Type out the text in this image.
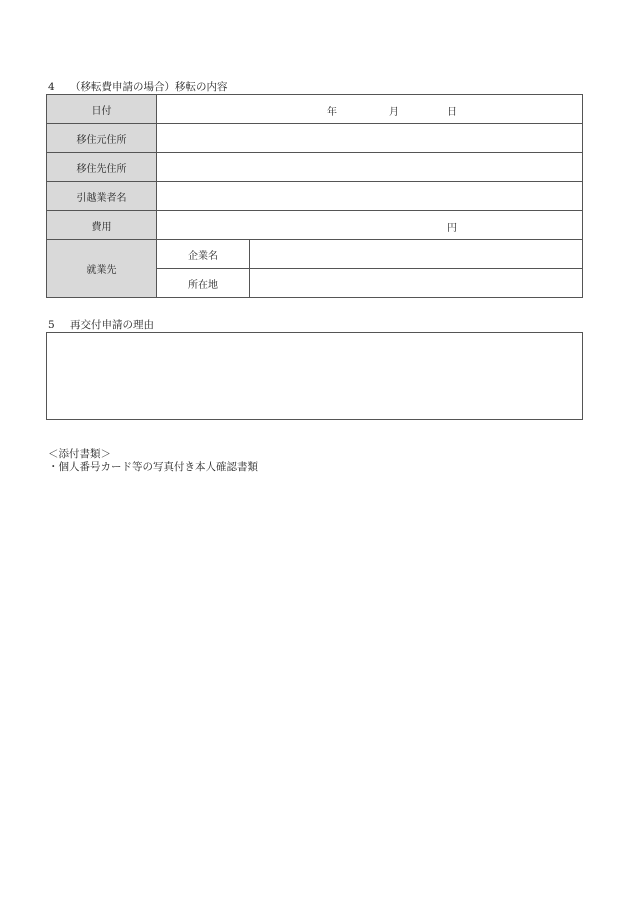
4 （移転費申請の場合）移転の内容
日付	年 月 日	

移住元住所		
移住先住所		
引越業者名		
費用	円	

就業先	企業名	
	所在地	
5 再交付申請の理由
＜添付書類＞
・個人番号カード等の写真付き本人確認書類
